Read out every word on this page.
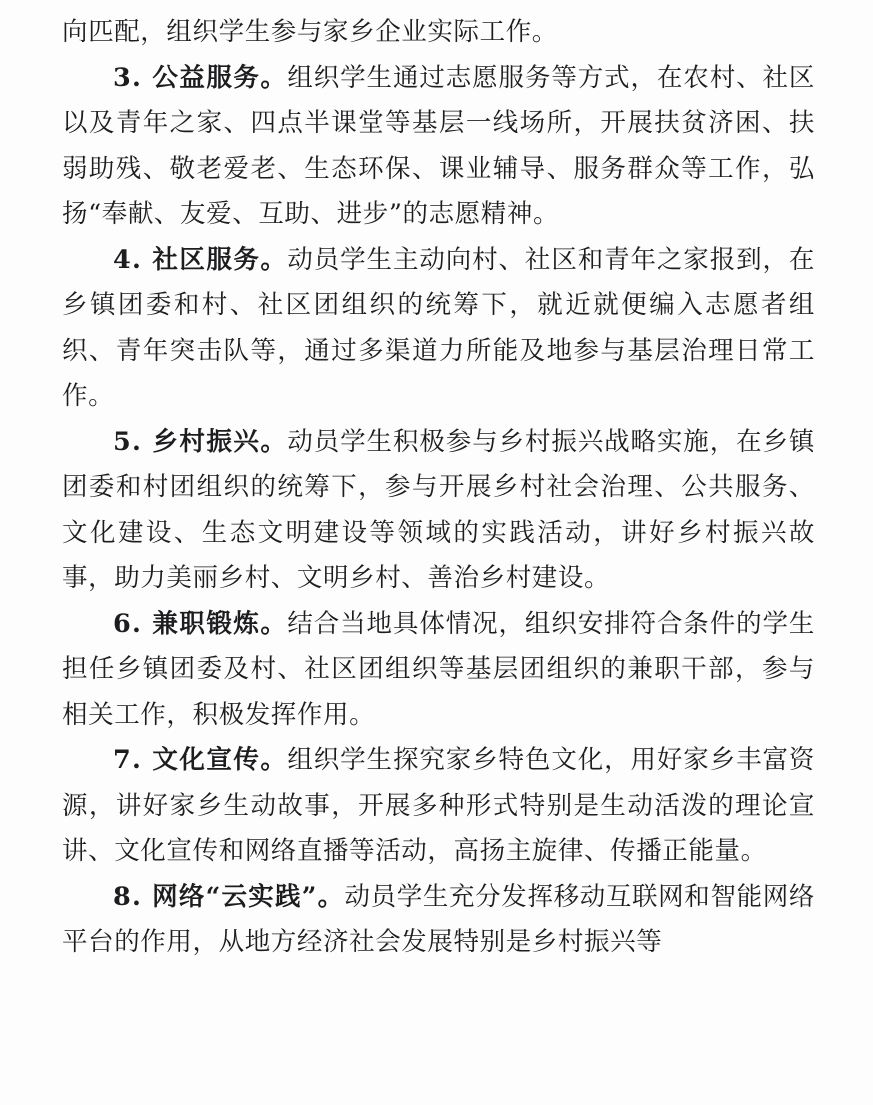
向匹配，组织学生参与家乡企业实际工作。

3. 公益服务。组织学生通过志愿服务等方式，在农村、社区以及青年之家、四点半课堂等基层一线场所，开展扶贫济困、扶弱助残、敬老爱老、生态环保、课业辅导、服务群众等工作，弘扬“奉献、友爱、互助、进步”的志愿精神。

4. 社区服务。动员学生主动向村、社区和青年之家报到，在乡镇团委和村、社区团组织的统筹下，就近就便编入志愿者组织、青年突击队等，通过多渠道力所能及地参与基层治理日常工作。

5. 乡村振兴。动员学生积极参与乡村振兴战略实施，在乡镇团委和村团组织的统筹下，参与开展乡村社会治理、公共服务、文化建设、生态文明建设等领域的实践活动，讲好乡村振兴故事，助力美丽乡村、文明乡村、善治乡村建设。

6. 兼职锻炼。结合当地具体情况，组织安排符合条件的学生担任乡镇团委及村、社区团组织等基层团组织的兼职干部，参与相关工作，积极发挥作用。

7. 文化宣传。组织学生探究家乡特色文化，用好家乡丰富资源，讲好家乡生动故事，开展多种形式特别是生动活泼的理论宣讲、文化宣传和网络直播等活动，高扬主旋律、传播正能量。

8. 网络“云实践”。动员学生充分发挥移动互联网和智能网络平台的作用，从地方经济社会发展特别是乡村振兴等
